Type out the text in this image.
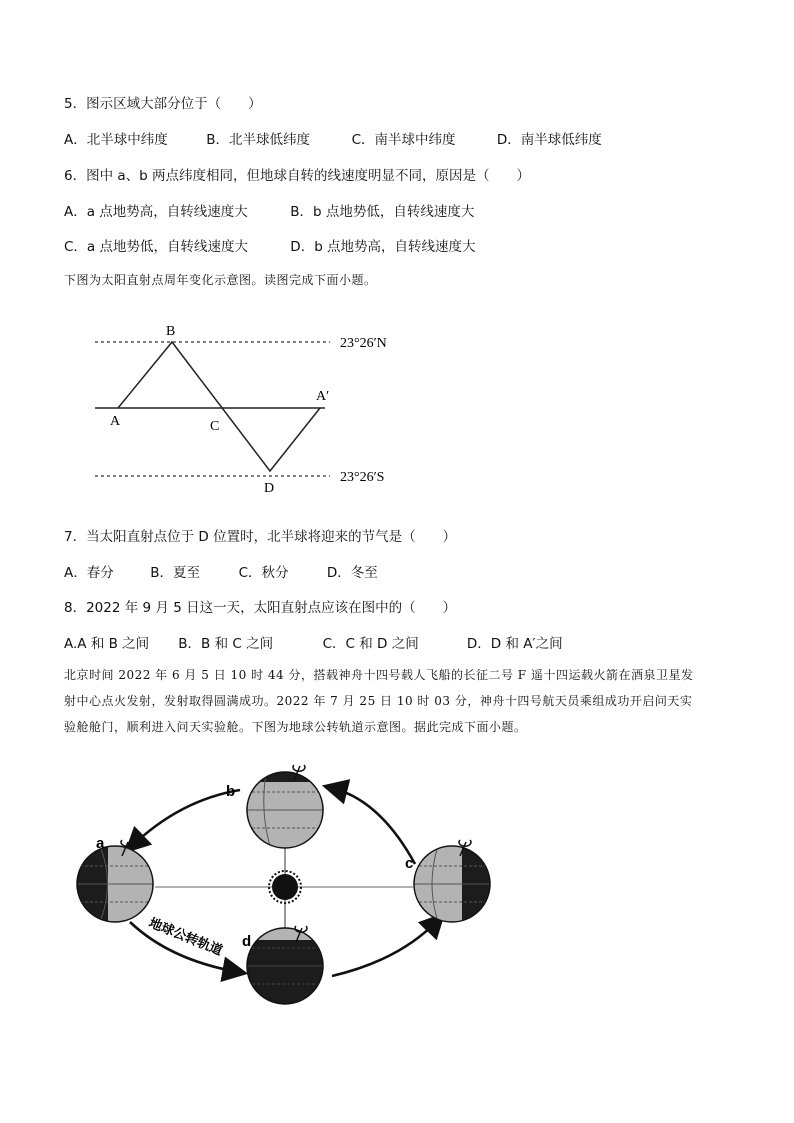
5．图示区域大部分位于（　　）
A．北半球中纬度	B．北半球低纬度	C．南半球中纬度	D．南半球低纬度
6．图中 a、b 两点纬度相同，但地球自转的线速度明显不同，原因是（　　）
A．a 点地势高，自转线速度大	B．b 点地势低，自转线速度大
C．a 点地势低，自转线速度大	D．b 点地势高，自转线速度大
下图为太阳直射点周年变化示意图。读图完成下面小题。
B
A	C
D
A′
23°26′N
23°26′S
7．当太阳直射点位于 D 位置时，北半球将迎来的节气是（　　）
A．春分	B．夏至	C．秋分	D．冬至
8．2022 年 9 月 5 日这一天，太阳直射点应该在图中的（　　）
A.A 和 B 之间 B．B 和 C 之间	C．C 和 D 之间	D．D 和 A′之间
北京时间 2022 年 6 月 5 日 10 时 44 分，搭载神舟十四号载人飞船的长征二号 F 遥十四运载火箭在酒泉卫星发
射中心点火发射，发射取得圆满成功。2022 年 7 月 25 日 10 时 03 分，神舟十四号航天员乘组成功开启问天实
验舱舱门，顺利进入问天实验舱。下图为地球公转轨道示意图。据此完成下面小题。
b
a
c
d
地球公转轨道
